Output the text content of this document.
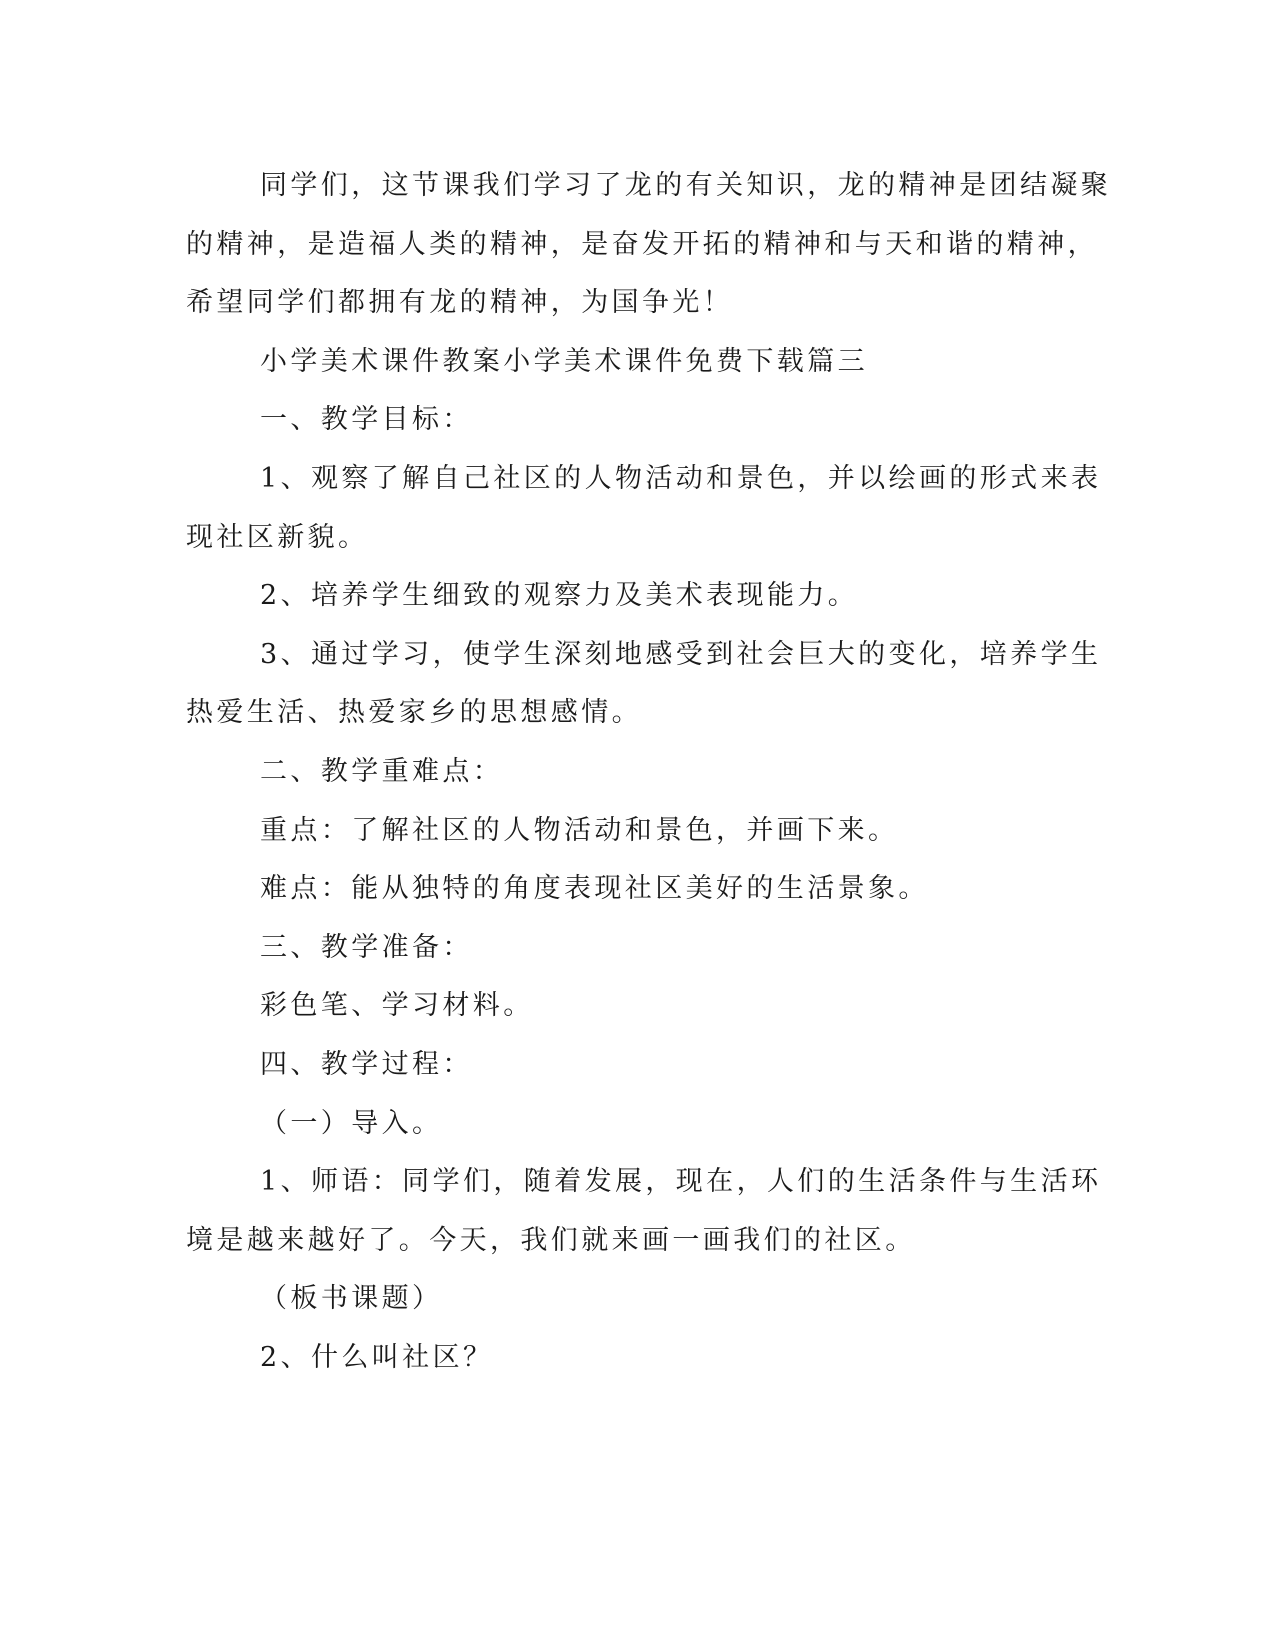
同学们，这节课我们学习了龙的有关知识，龙的精神是团结凝聚

的精神，是造福人类的精神，是奋发开拓的精神和与天和谐的精神，

希望同学们都拥有龙的精神，为国争光！

小学美术课件教案小学美术课件免费下载篇三

一、教学目标：

1、观察了解自己社区的人物活动和景色，并以绘画的形式来表

现社区新貌。

2、培养学生细致的观察力及美术表现能力。

3、通过学习，使学生深刻地感受到社会巨大的变化，培养学生

热爱生活、热爱家乡的思想感情。

二、教学重难点：

重点：了解社区的人物活动和景色，并画下来。

难点：能从独特的角度表现社区美好的生活景象。

三、教学准备：

彩色笔、学习材料。

四、教学过程：

（一）导入。

1、师语：同学们，随着发展，现在，人们的生活条件与生活环

境是越来越好了。今天，我们就来画一画我们的社区。

（板书课题）

2、什么叫社区？
